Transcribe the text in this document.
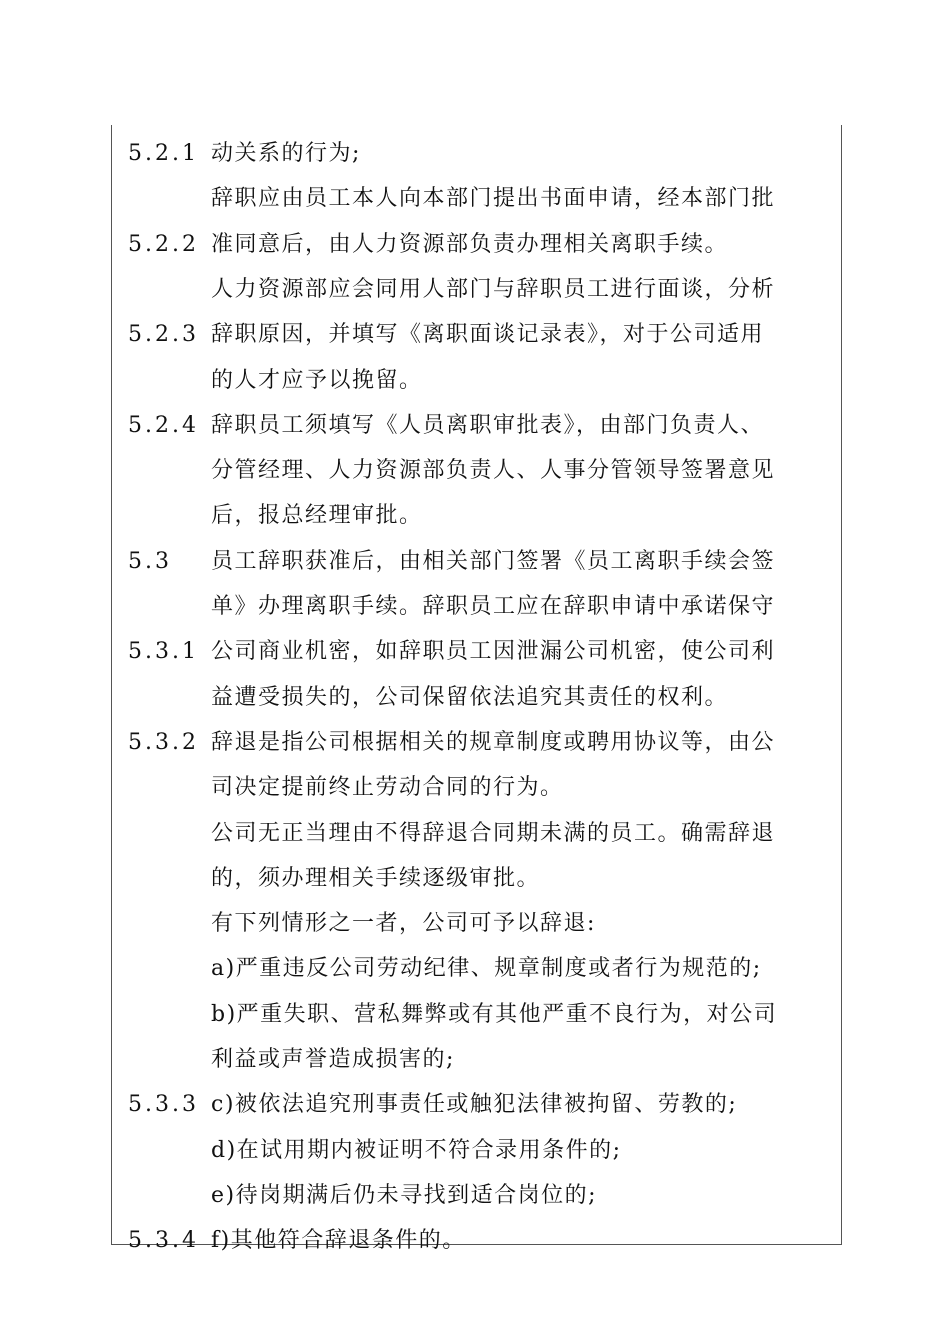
5.2.1 动关系的行为;
辞职应由员工本人向本部门提出书面申请，经本部门批
5.2.2 准同意后，由人力资源部负责办理相关离职手续。
人力资源部应会同用人部门与辞职员工进行面谈，分析
5.2.3 辞职原因，并填写《离职面谈记录表》，对于公司适用
的人才应予以挽留。
5.2.4 辞职员工须填写《人员离职审批表》，由部门负责人、
分管经理、人力资源部负责人、人事分管领导签署意见
后，报总经理审批。
5.3 员工辞职获准后，由相关部门签署《员工离职手续会签
单》办理离职手续。辞职员工应在辞职申请中承诺保守
5.3.1 公司商业机密，如辞职员工因泄漏公司机密，使公司利
益遭受损失的，公司保留依法追究其责任的权利。
5.3.2 辞退是指公司根据相关的规章制度或聘用协议等，由公
司决定提前终止劳动合同的行为。
公司无正当理由不得辞退合同期未满的员工。确需辞退
的，须办理相关手续逐级审批。
有下列情形之一者，公司可予以辞退:
a)严重违反公司劳动纪律、规章制度或者行为规范的;
b)严重失职、营私舞弊或有其他严重不良行为，对公司
利益或声誉造成损害的;
5.3.3 c)被依法追究刑事责任或触犯法律被拘留、劳教的;
d)在试用期内被证明不符合录用条件的;
e)待岗期满后仍未寻找到适合岗位的;
5.3.4 f)其他符合辞退条件的。
